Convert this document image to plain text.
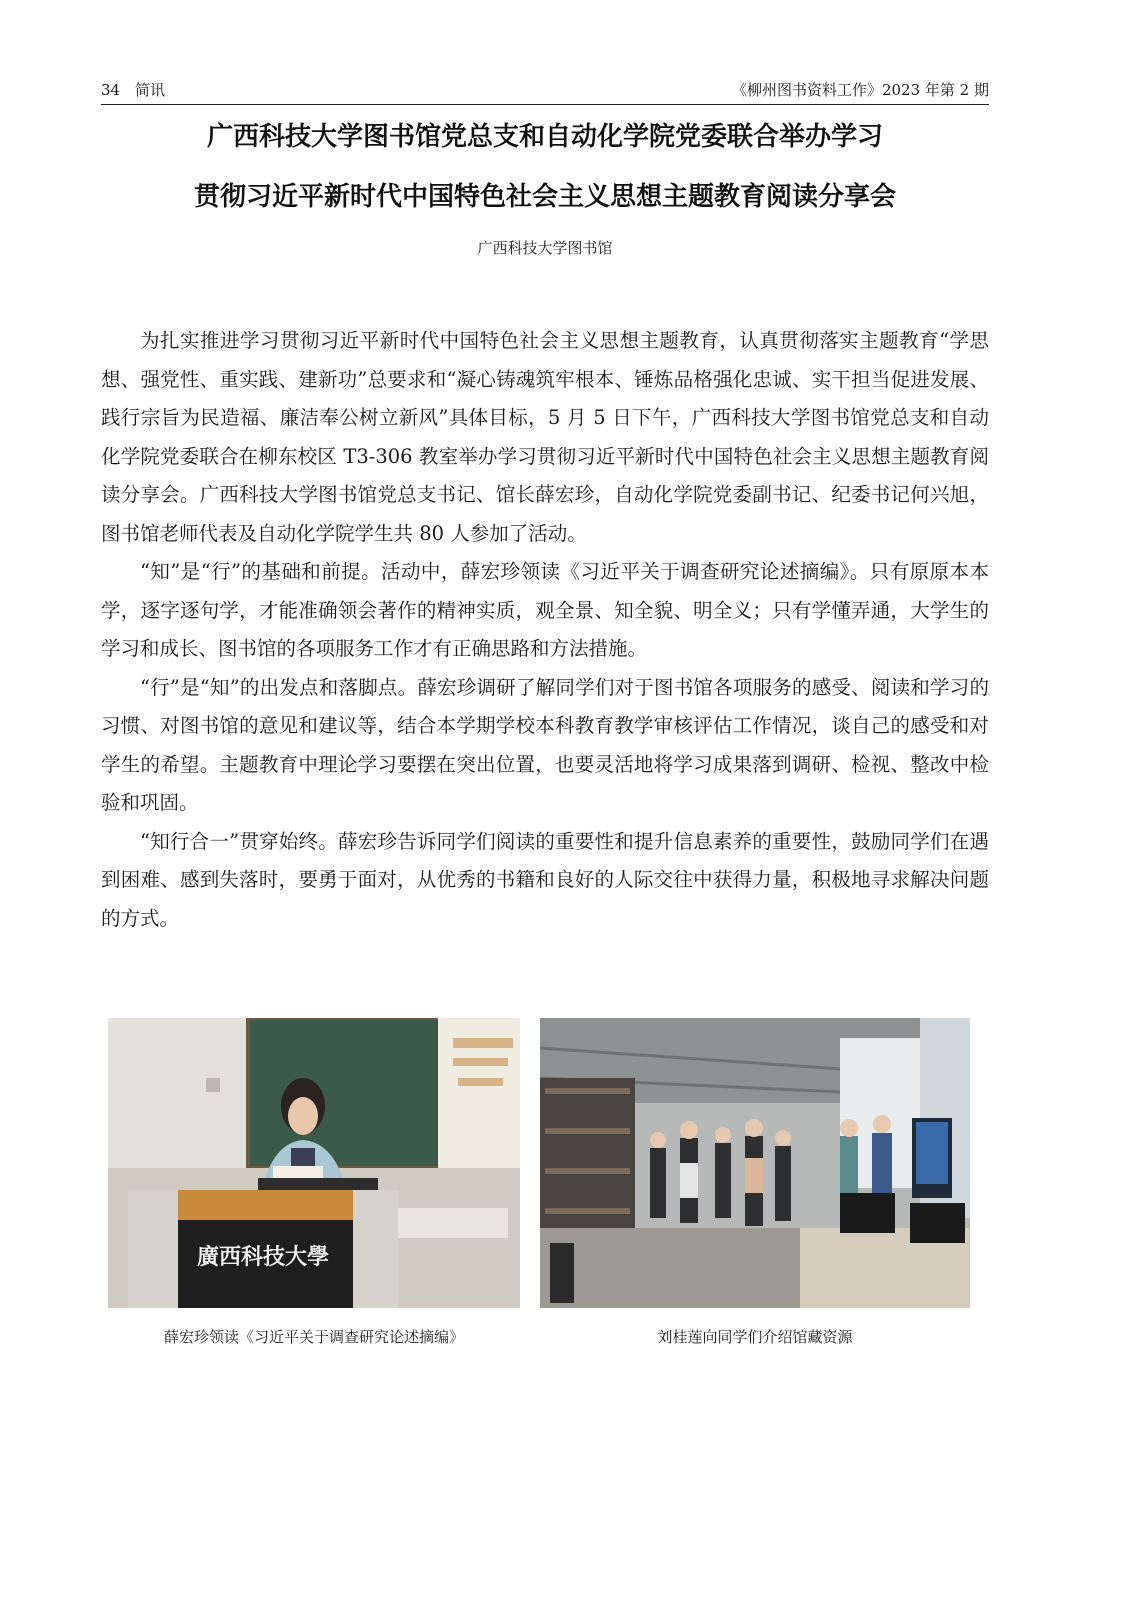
34 简讯	《柳州图书资料工作》2023 年第 2 期
广西科技大学图书馆党总支和自动化学院党委联合举办学习
贯彻习近平新时代中国特色社会主义思想主题教育阅读分享会
广西科技大学图书馆

为扎实推进学习贯彻习近平新时代中国特色社会主义思想主题教育，认真贯彻落实主题教育“学思想、强党性、重实践、建新功”总要求和“凝心铸魂筑牢根本、锤炼品格强化忠诚、实干担当促进发展、践行宗旨为民造福、廉洁奉公树立新风”具体目标，5 月 5 日下午，广西科技大学图书馆党总支和自动化学院党委联合在柳东校区 T3-306 教室举办学习贯彻习近平新时代中国特色社会主义思想主题教育阅读分享会。广西科技大学图书馆党总支书记、馆长薛宏珍，自动化学院党委副书记、纪委书记何兴旭，图书馆老师代表及自动化学院学生共 80 人参加了活动。

“知”是“行”的基础和前提。活动中，薛宏珍领读《习近平关于调查研究论述摘编》。只有原原本本学，逐字逐句学，才能准确领会著作的精神实质，观全景、知全貌、明全义；只有学懂弄通，大学生的学习和成长、图书馆的各项服务工作才有正确思路和方法措施。

“行”是“知”的出发点和落脚点。薛宏珍调研了解同学们对于图书馆各项服务的感受、阅读和学习的习惯、对图书馆的意见和建议等，结合本学期学校本科教育教学审核评估工作情况，谈自己的感受和对学生的希望。主题教育中理论学习要摆在突出位置，也要灵活地将学习成果落到调研、检视、整改中检验和巩固。

“知行合一”贯穿始终。薛宏珍告诉同学们阅读的重要性和提升信息素养的重要性，鼓励同学们在遇到困难、感到失落时，要勇于面对，从优秀的书籍和良好的人际交往中获得力量，积极地寻求解决问题的方式。

廣西科技大學
薛宏珍领读《习近平关于调查研究论述摘编》	刘桂莲向同学们介绍馆藏资源
